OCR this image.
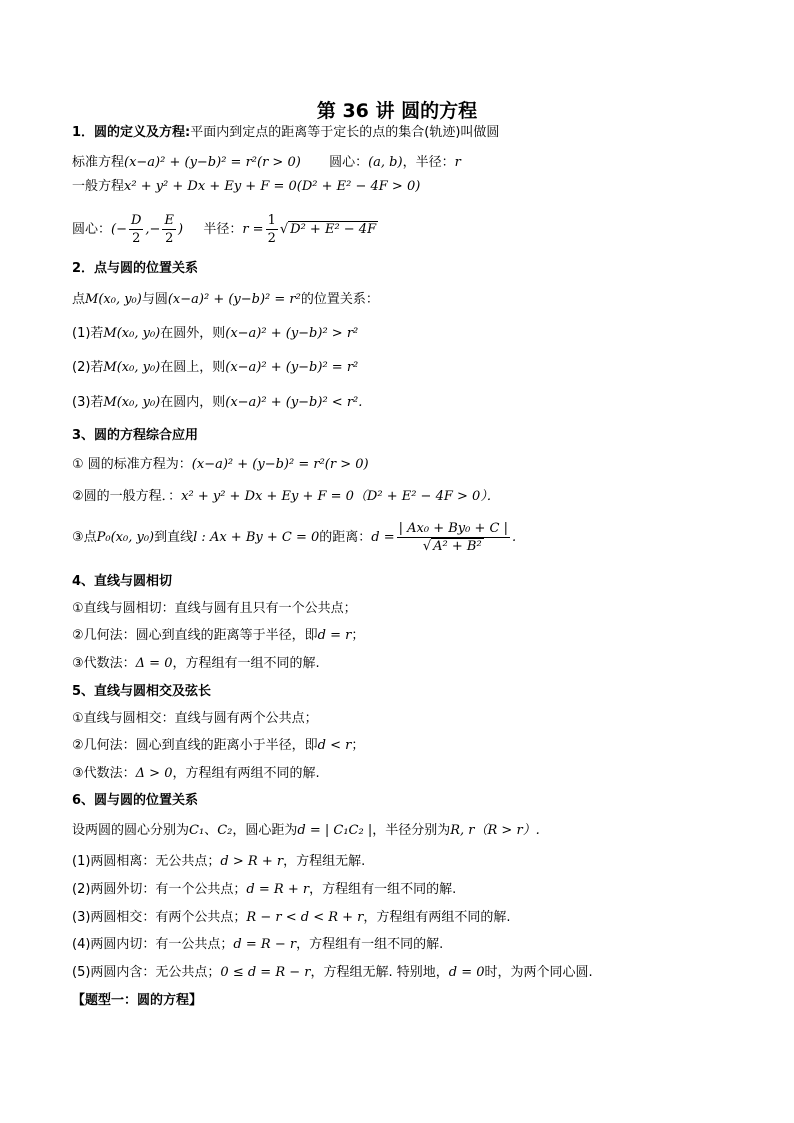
第 36 讲 圆的方程
1．圆的定义及方程:平面内到定点的距离等于定长的点的集合(轨迹)叫做圆
标准方程(x−a)² + (y−b)² = r²(r > 0) 圆心：(a, b)，半径：r
一般方程x² + y² + Dx + Ey + F = 0(D² + E² − 4F > 0)
圆心：(− $\frac{D}{2}$ ,− $\frac{E}{2}$ ) 半径：$r = \frac{1}{2}$ √ D² + E² − 4F
2．点与圆的位置关系
点M(x₀, y₀)与圆(x−a)² + (y−b)² = r²的位置关系：
(1)若M(x₀, y₀)在圆外，则(x−a)² + (y−b)² > r²
(2)若M(x₀, y₀)在圆上，则(x−a)² + (y−b)² = r²
(3)若M(x₀, y₀)在圆内，则(x−a)² + (y−b)² < r².
3、圆的方程综合应用
① 圆的标准方程为：(x−a)² + (y−b)² = r²(r > 0)
②圆的一般方程．：x² + y² + Dx + Ey + F = 0（D² + E² − 4F > 0）．
③点P₀(x₀, y₀)到直线l : Ax + By + C = 0的距离：$d = \frac{\text{| Ax₀ + By₀ + C |}}{\text{√ A² + B²}}$ .
4、直线与圆相切
①直线与圆相切：直线与圆有且只有一个公共点；
②几何法：圆心到直线的距离等于半径，即d = r；
③代数法：Δ = 0，方程组有一组不同的解.
5、直线与圆相交及弦长
①直线与圆相交：直线与圆有两个公共点；
②几何法：圆心到直线的距离小于半径，即d < r；
③代数法：Δ > 0，方程组有两组不同的解.
6、圆与圆的位置关系
设两圆的圆心分别为C₁、C₂，圆心距为d = | C₁C₂ |，半径分别为R, r（R > r）.
(1)两圆相离：无公共点；d > R + r，方程组无解.
(2)两圆外切：有一个公共点；d = R + r，方程组有一组不同的解.
(3)两圆相交：有两个公共点；R − r < d < R + r，方程组有两组不同的解.
(4)两圆内切：有一公共点；d = R − r，方程组有一组不同的解.
(5)两圆内含：无公共点；0 ≤ d = R − r，方程组无解. 特别地，d = 0时，为两个同心圆.
【题型一：圆的方程】
